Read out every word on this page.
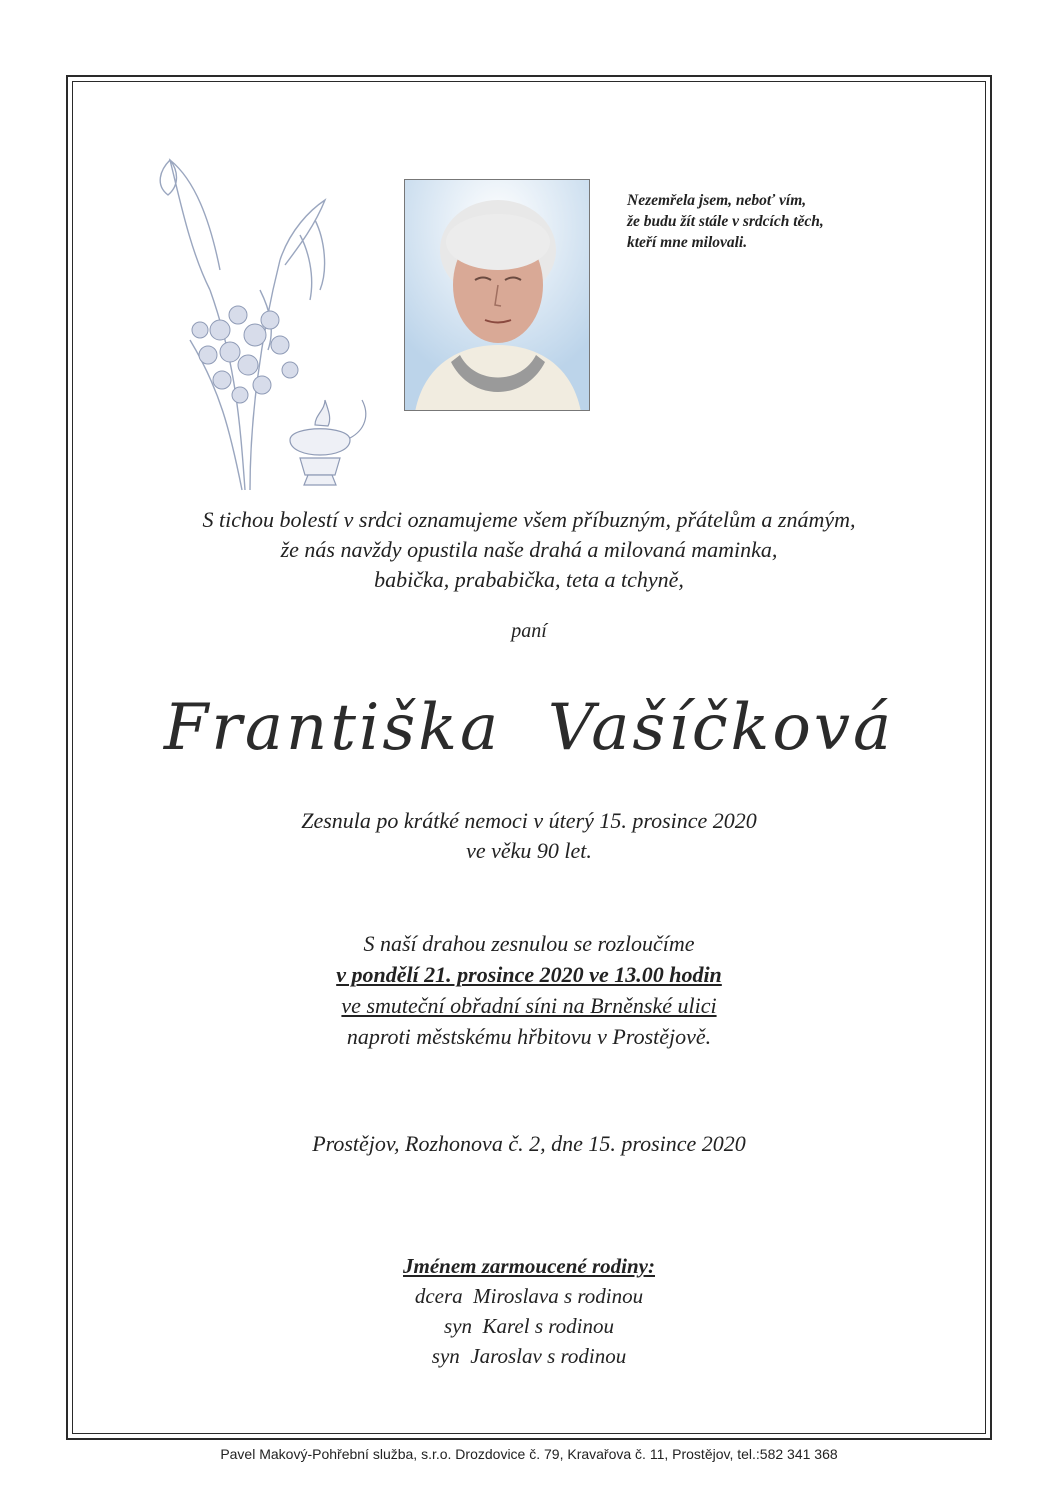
Nezemřela jsem, neboť vím,
že budu žít stále v srdcích těch,
kteří mne milovali.
S tichou bolestí v srdci oznamujeme všem příbuzným, přátelům a známým,
že nás navždy opustila naše drahá a milovaná maminka,
babička, prababička, teta a tchyně,
paní
Františka  Vašíčková
Zesnula po krátké nemoci v úterý 15. prosince 2020
ve věku 90 let.
S naší drahou zesnulou se rozloučíme
v pondělí 21. prosince 2020 ve 13.00 hodin
ve smuteční obřadní síni na Brněnské ulici
naproti městskému hřbitovu v Prostějově.
Prostějov, Rozhonova č. 2, dne 15. prosince 2020
Jménem zarmoucené rodiny:
dcera  Miroslava s rodinou
syn  Karel s rodinou
syn  Jaroslav s rodinou
Pavel Makový-Pohřební služba, s.r.o. Drozdovice č. 79, Kravařova č. 11, Prostějov, tel.:582 341 368
